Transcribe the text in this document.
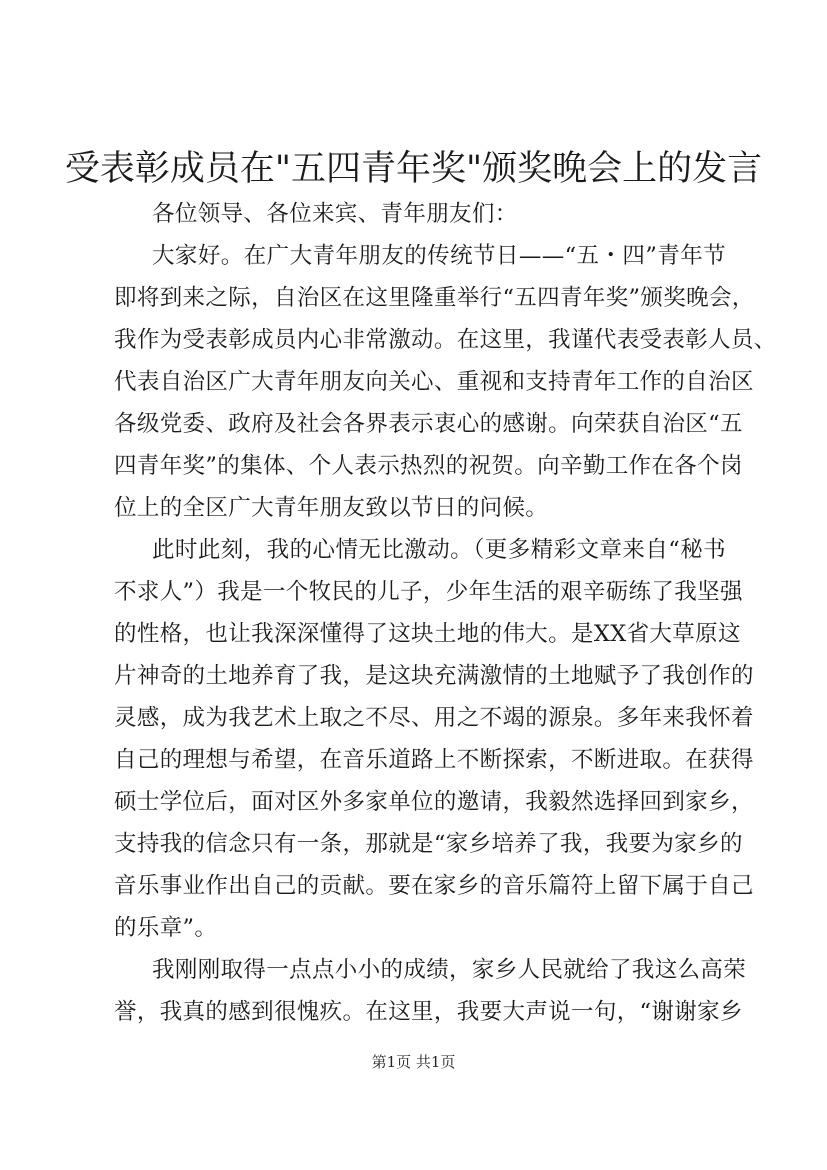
受表彰成员在"五四青年奖"颁奖晚会上的发言
各位领导、各位来宾、青年朋友们：
大家好。在广大青年朋友的传统节日——“五・四”青年节
即将到来之际，自治区在这里隆重举行“五四青年奖”颁奖晚会，
我作为受表彰成员内心非常激动。在这里，我谨代表受表彰人员、
代表自治区广大青年朋友向关心、重视和支持青年工作的自治区
各级党委、政府及社会各界表示衷心的感谢。向荣获自治区“五
四青年奖”的集体、个人表示热烈的祝贺。向辛勤工作在各个岗
位上的全区广大青年朋友致以节日的问候。
此时此刻，我的心情无比激动。（更多精彩文章来自“秘书
不求人”）我是一个牧民的儿子，少年生活的艰辛砺练了我坚强
的性格，也让我深深懂得了这块土地的伟大。是XX省大草原这
片神奇的土地养育了我，是这块充满激情的土地赋予了我创作的
灵感，成为我艺术上取之不尽、用之不竭的源泉。多年来我怀着
自己的理想与希望，在音乐道路上不断探索，不断进取。在获得
硕士学位后，面对区外多家单位的邀请，我毅然选择回到家乡，
支持我的信念只有一条，那就是“家乡培养了我，我要为家乡的
音乐事业作出自己的贡献。要在家乡的音乐篇符上留下属于自己
的乐章”。
我刚刚取得一点点小小的成绩，家乡人民就给了我这么高荣
誉，我真的感到很愧疚。在这里，我要大声说一句，“谢谢家乡
第1页 共1页
